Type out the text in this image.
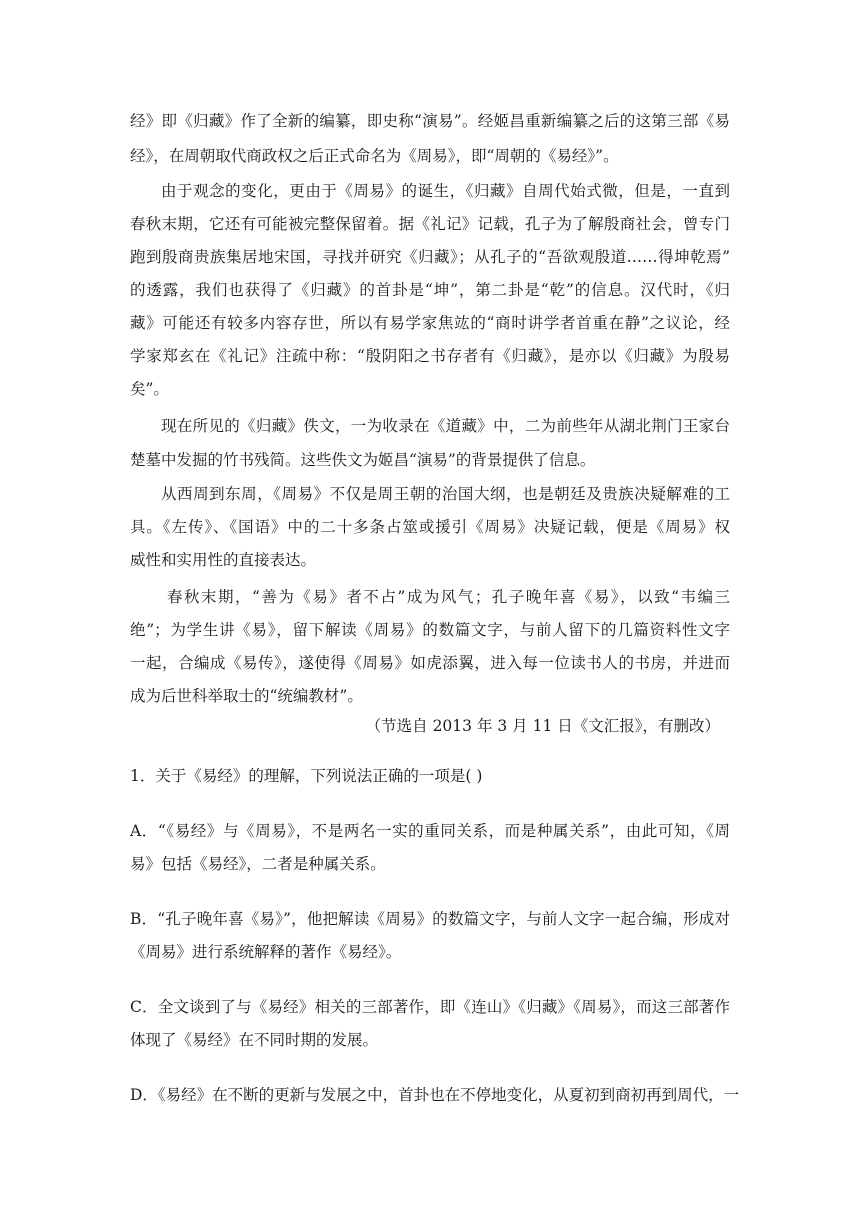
经》即《归藏》作了全新的编纂，即史称“演易”。经姬昌重新编纂之后的这第三部《易
经》，在周朝取代商政权之后正式命名为《周易》，即“周朝的《易经》”。
由于观念的变化，更由于《周易》的诞生，《归藏》自周代始式微，但是，一直到
春秋末期，它还有可能被完整保留着。据《礼记》记载，孔子为了解殷商社会，曾专门
跑到殷商贵族集居地宋国，寻找并研究《归藏》；从孔子的“吾欲观殷道……得坤乾焉”
的透露，我们也获得了《归藏》的首卦是“坤”，第二卦是“乾”的信息。汉代时，《归
藏》可能还有较多内容存世，所以有易学家焦竑的“商时讲学者首重在静”之议论，经
学家郑玄在《礼记》注疏中称：“殷阴阳之书存者有《归藏》，是亦以《归藏》为殷易
矣”。
现在所见的《归藏》佚文，一为收录在《道藏》中，二为前些年从湖北荆门王家台
楚墓中发掘的竹书残简。这些佚文为姬昌“演易”的背景提供了信息。
从西周到东周，《周易》不仅是周王朝的治国大纲，也是朝廷及贵族决疑解难的工
具。《左传》、《国语》中的二十多条占筮或援引《周易》决疑记载，便是《周易》权
威性和实用性的直接表达。
春秋末期，“善为《易》者不占”成为风气；孔子晚年喜《易》，以致“韦编三
绝”；为学生讲《易》，留下解读《周易》的数篇文字，与前人留下的几篇资料性文字
一起，合编成《易传》，遂使得《周易》如虎添翼，进入每一位读书人的书房，并进而
成为后世科举取士的“统编教材”。
（节选自 2013 年 3 月 11 日《文汇报》，有删改）
1．关于《易经》的理解，下列说法正确的一项是( )
A．“《易经》与《周易》，不是两名一实的重同关系，而是种属关系”，由此可知，《周
易》包括《易经》，二者是种属关系。
B．“孔子晚年喜《易》”，他把解读《周易》的数篇文字，与前人文字一起合编，形成对
《周易》进行系统解释的著作《易经》。
C．全文谈到了与《易经》相关的三部著作，即《连山》《归藏》《周易》，而这三部著作
体现了《易经》在不同时期的发展。
D．《易经》在不断的更新与发展之中，首卦也在不停地变化，从夏初到商初再到周代，一
